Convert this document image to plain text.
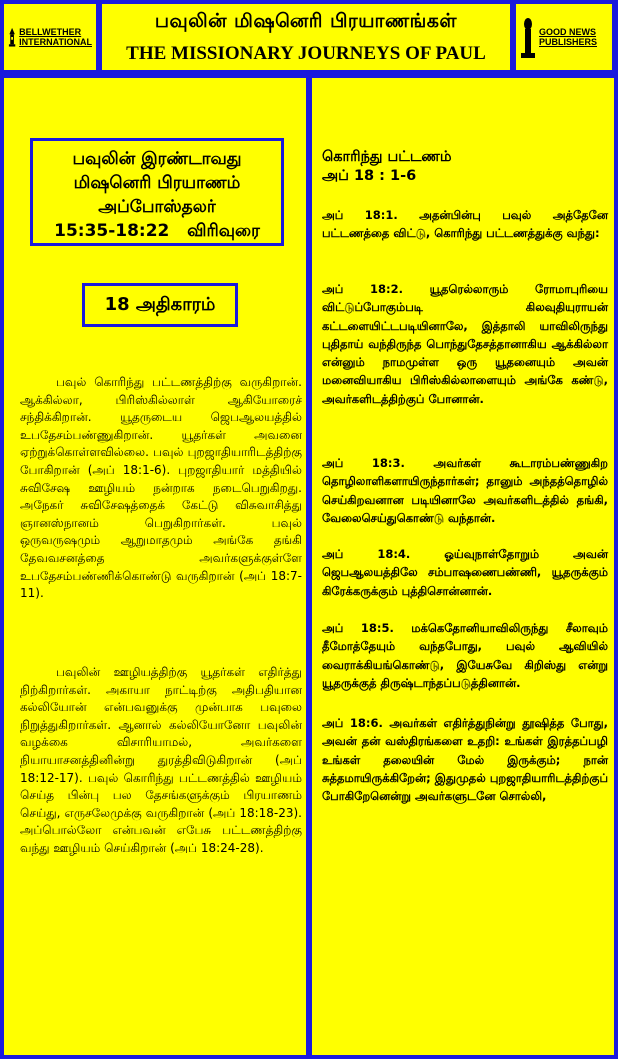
BELLWETHER
INTERNATIONAL
பவுலின் மிஷனெரி பிரயாணங்கள்
THE MISSIONARY JOURNEYS OF PAUL
GOOD NEWS
PUBLISHERS
பவுலின் இரண்டாவது
மிஷனெரி பிரயாணம்
அப்போஸ்தலர்
15:35-18:22   விரிவுரை
18 அதிகாரம்
பவுல் கொரிந்து பட்டணத்திற்கு வருகிறான். ஆக்கில்லா, பிரிஸ்கில்லாள் ஆகியோரைச் சந்திக்கிறான். யூதருடைய ஜெபஆலயத்தில் உபதேசம்பண்ணுகிறான். யூதர்கள் அவனை ஏற்றுக்கொள்ளவில்லை. பவுல் புறஜாதியாரிடத்திற்கு போகிறான் (அப் 18:1-6). புறஜாதியார் மத்தியில் சுவிசேஷ ஊழியம் நன்றாக நடைபெறுகிறது. அநேகர் சுவிசேஷத்தைக் கேட்டு விசுவாசித்து ஞானஸ்நானம் பெறுகிறார்கள். பவுல் ஒருவருஷமும் ஆறுமாதமும் அங்கே தங்கி தேவவசனத்தை அவர்களுக்குள்ளே உபதேசம்பண்ணிக்கொண்டு வருகிறான் (அப் 18:7-11).
பவுலின் ஊழியத்திற்கு யூதர்கள் எதிர்த்து நிற்கிறார்கள். அகாயா நாட்டிற்கு அதிபதியான கல்லியோன் என்பவனுக்கு முன்பாக பவுலை நிறுத்துகிறார்கள். ஆனால் கல்லியோனோ பவுலின் வழக்கை விசாரியாமல், அவர்களை நியாயாசனத்தினின்று துரத்திவிடுகிறான் (அப் 18:12-17). பவுல் கொரிந்து பட்டணத்தில் ஊழியம் செய்த பின்பு பல தேசங்களுக்கும் பிரயாணம் செய்து, எருசலேமுக்கு வருகிறான் (அப் 18:18-23). அப்பொல்லோ என்பவன் எபேசு பட்டணத்திற்கு வந்து ஊழியம் செய்கிறான் (அப் 18:24-28).
கொரிந்து பட்டணம்
அப் 18 : 1-6
அப் 18:1. அதன்பின்பு பவுல் அத்தேனே பட்டணத்தை விட்டு, கொரிந்து பட்டணத்துக்கு வந்து:
அப் 18:2. யூதரெல்லாரும் ரோமாபுரியை விட்டுப்போகும்படி கிலவுதியுராயன் கட்டளையிட்டபடியினாலே, இத்தாலி யாவிலிருந்து புதிதாய் வந்திருந்த பொந்துதேசத்தானாகிய ஆக்கில்லா என்னும் நாமமுள்ள ஒரு யூதனையும் அவன் மனைவியாகிய பிரிஸ்கில்லாளையும் அங்கே கண்டு, அவர்களிடத்திற்குப் போனான்.
அப் 18:3. அவர்கள் கூடாரம்பண்ணுகிற தொழிலாளிகளாயிருந்தார்கள்; தானும் அந்தத்தொழில் செய்கிறவனான படியினாலே அவர்களிடத்தில் தங்கி, வேலைசெய்துகொண்டு வந்தான்.
அப் 18:4. ஓய்வுநாள்தோறும் அவன் ஜெபஆலயத்திலே சம்பாஷணைபண்ணி, யூதருக்கும் கிரேக்கருக்கும் புத்திசொன்னான்.
அப் 18:5. மக்கெதோனியாவிலிருந்து சீலாவும் தீமோத்தேயும் வந்தபோது, பவுல் ஆவியில் வைராக்கியங்கொண்டு, இயேசுவே கிறிஸ்து என்று யூதருக்குத் திருஷ்டாந்தப்படுத்தினான்.
அப் 18:6. அவர்கள் எதிர்த்துநின்று தூஷித்த போது, அவன் தன் வஸ்திரங்களை உதறி: உங்கள் இரத்தப்பழி உங்கள் தலையின் மேல் இருக்கும்; நான் சுத்தமாயிருக்கிறேன்; இதுமுதல் புறஜாதியாரிடத்திற்குப் போகிறேனென்று அவர்களுடனே சொல்லி,
